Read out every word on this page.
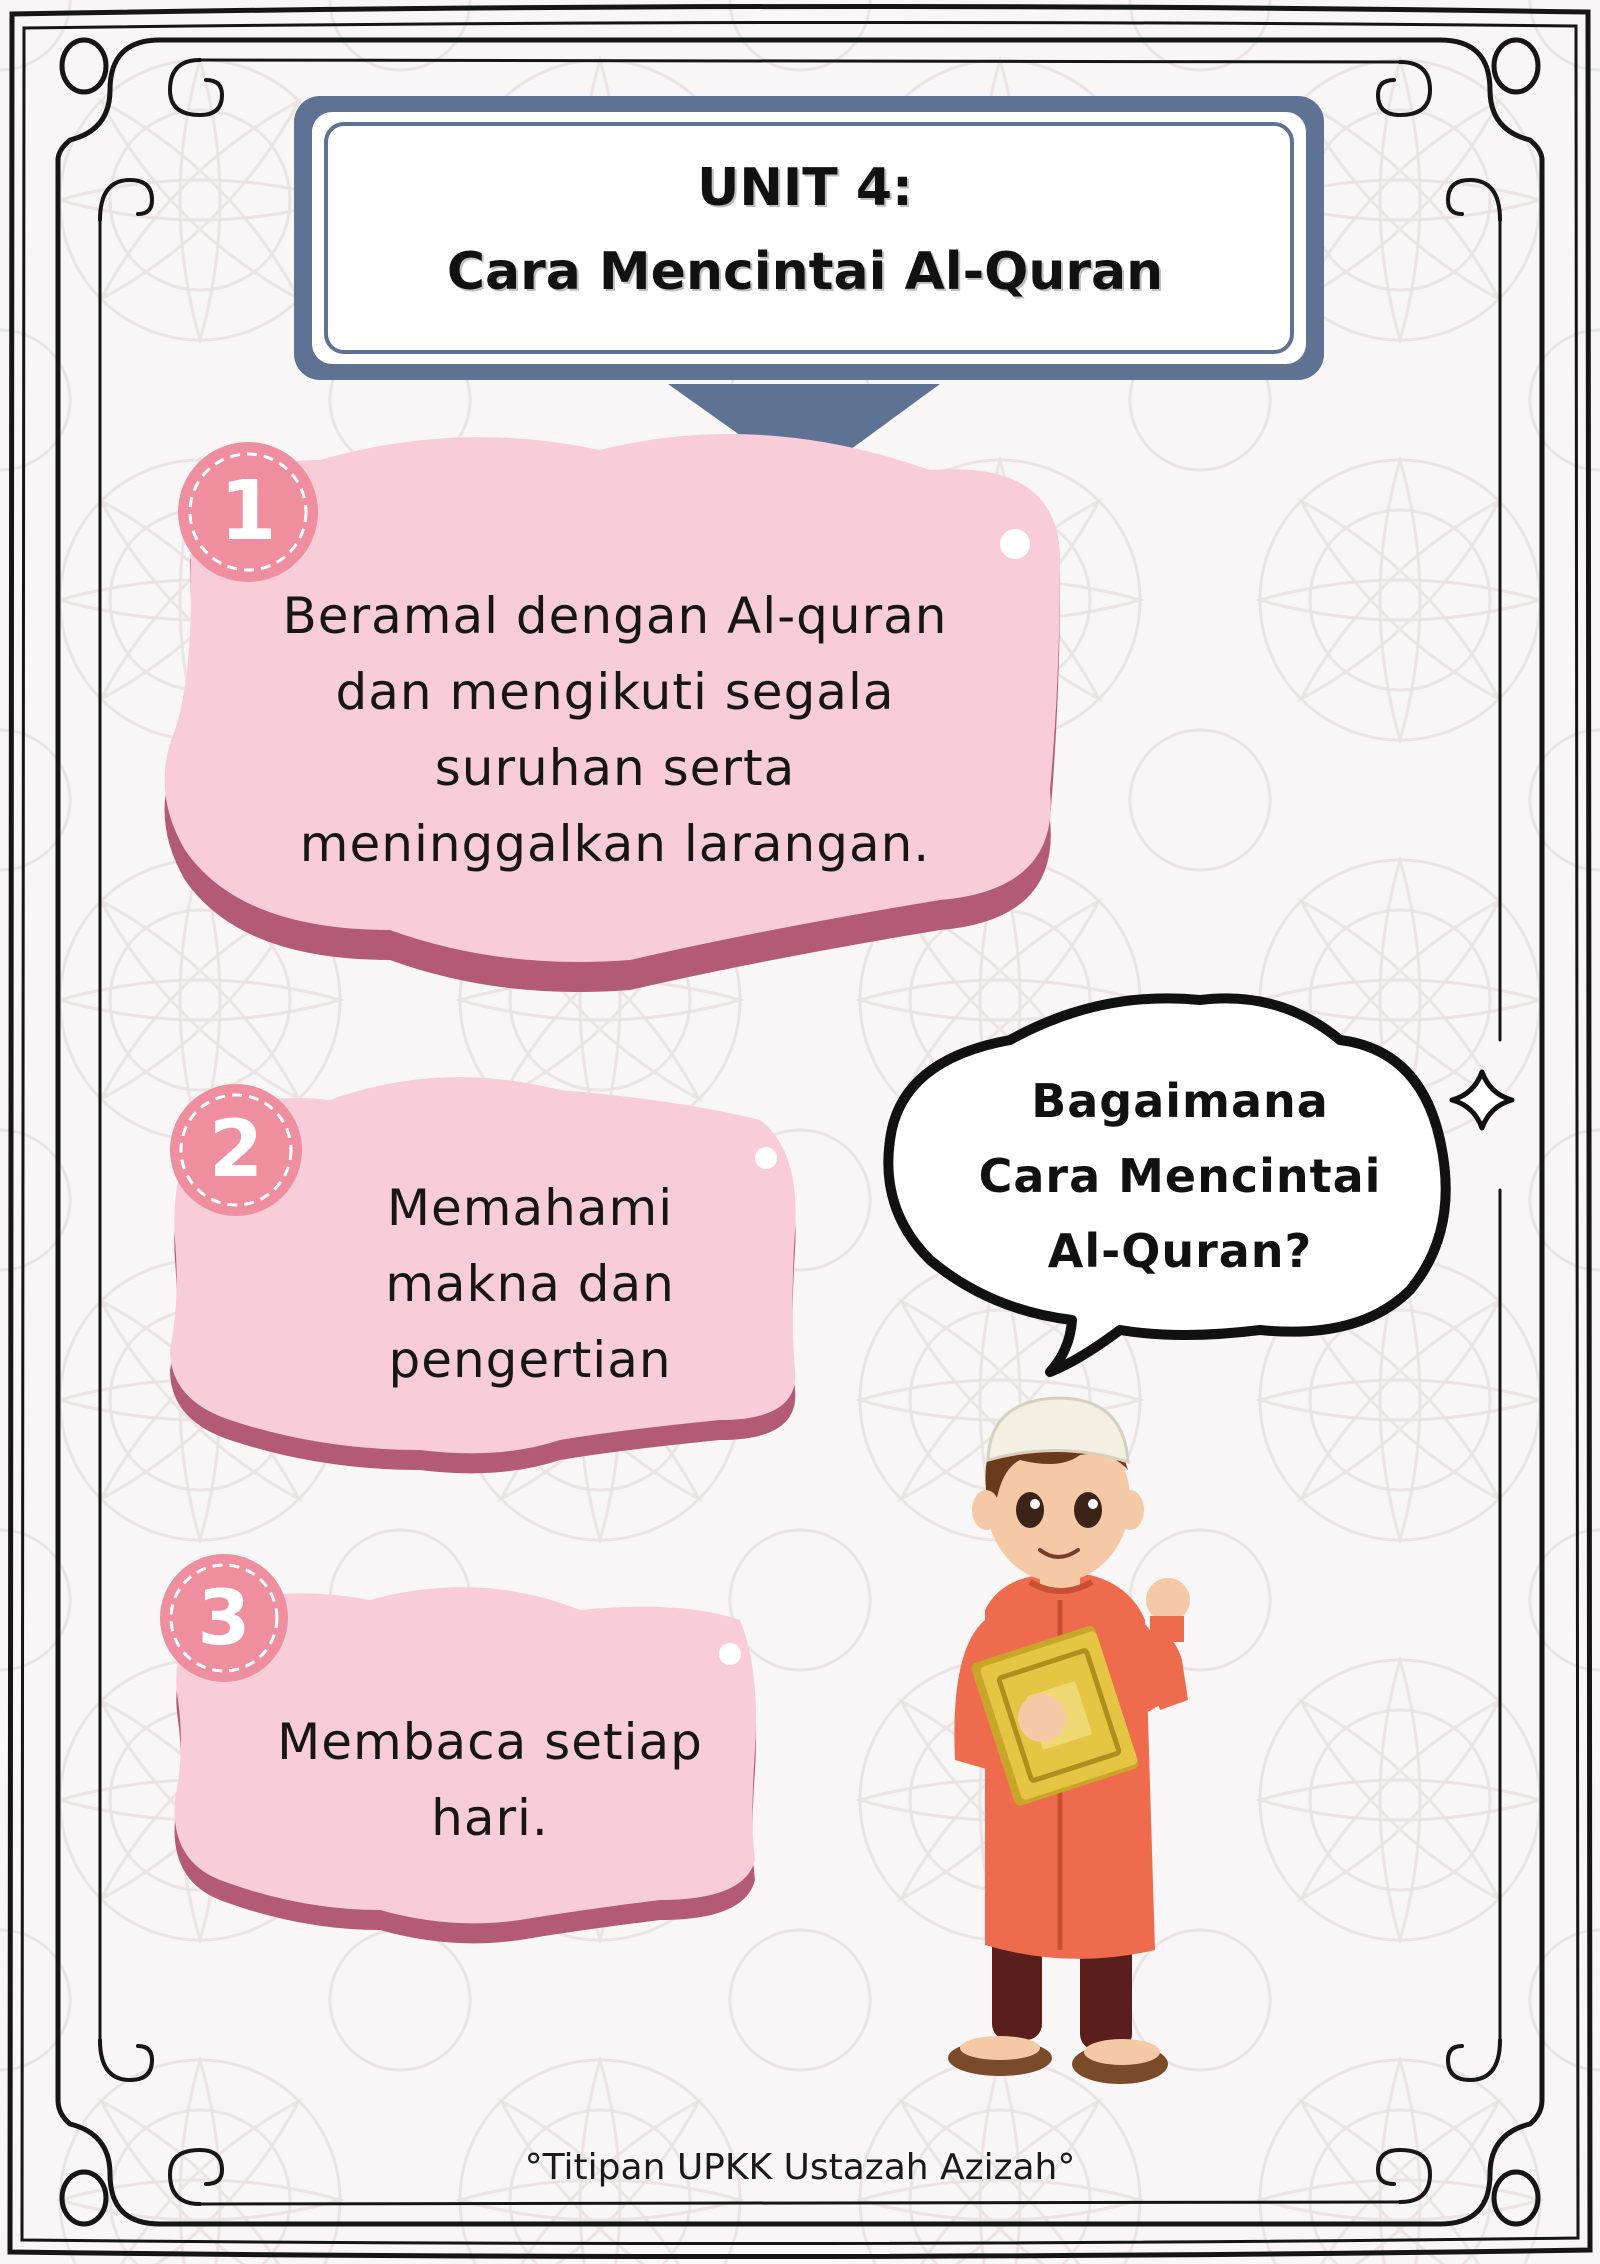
UNIT 4:
Cara Mencintai Al-Quran
1
2
3
Beramal dengan Al-quran
dan mengikuti segala
suruhan serta
meninggalkan larangan.
Memahami
makna dan
pengertian
Membaca setiap
hari.
Bagaimana
Cara Mencintai
Al-Quran?
°Titipan UPKK Ustazah Azizah°
